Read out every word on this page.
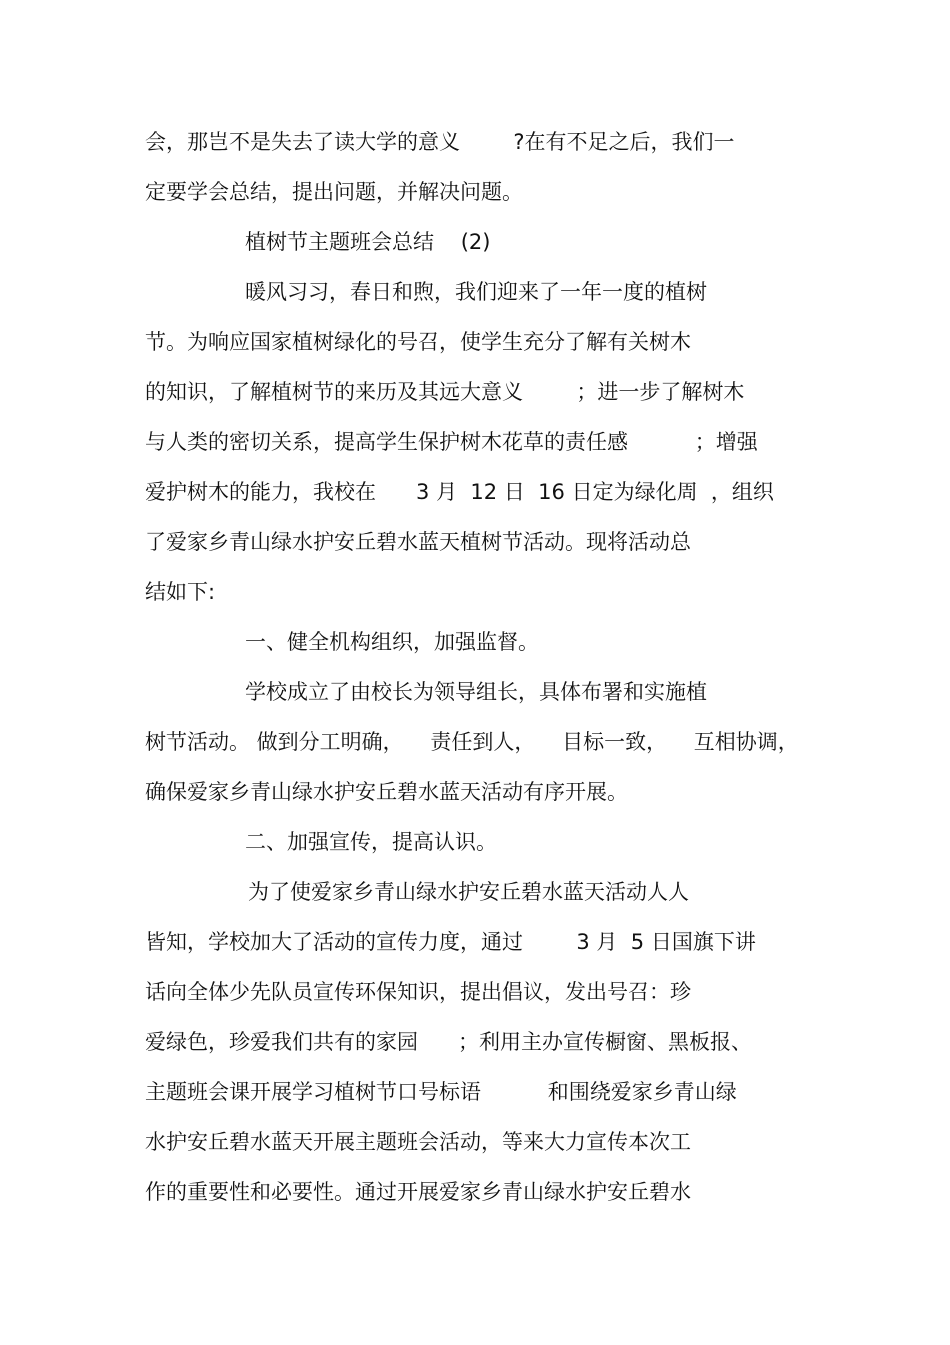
会，那岂不是失去了读大学的意义        ?在有不足之后，我们一
定要学会总结，提出问题，并解决问题。
植树节主题班会总结    (2)
暖风习习，春日和煦，我们迎来了一年一度的植树
节。为响应国家植树绿化的号召，使学生充分了解有关树木
的知识，了解植树节的来历及其远大意义        ；进一步了解树木
与人类的密切关系，提高学生保护树木花草的责任感          ；增强
爱护树木的能力，我校在      3 月  12 日  16 日定为绿化周  ，组织
了爱家乡青山绿水护安丘碧水蓝天植树节活动。现将活动总
结如下:
一、健全机构组织，加强监督。
学校成立了由校长为领导组长，具体布署和实施植
树节活动。 做到分工明确，    责任到人，    目标一致，    互相协调，
确保爱家乡青山绿水护安丘碧水蓝天活动有序开展。
二、加强宣传，提高认识。
为了使爱家乡青山绿水护安丘碧水蓝天活动人人
皆知，学校加大了活动的宣传力度，通过        3 月  5 日国旗下讲
话向全体少先队员宣传环保知识，提出倡议，发出号召：珍
爱绿色，珍爱我们共有的家园      ；利用主办宣传橱窗、黑板报、
主题班会课开展学习植树节口号标语          和围绕爱家乡青山绿
水护安丘碧水蓝天开展主题班会活动，等来大力宣传本次工
作的重要性和必要性。通过开展爱家乡青山绿水护安丘碧水
